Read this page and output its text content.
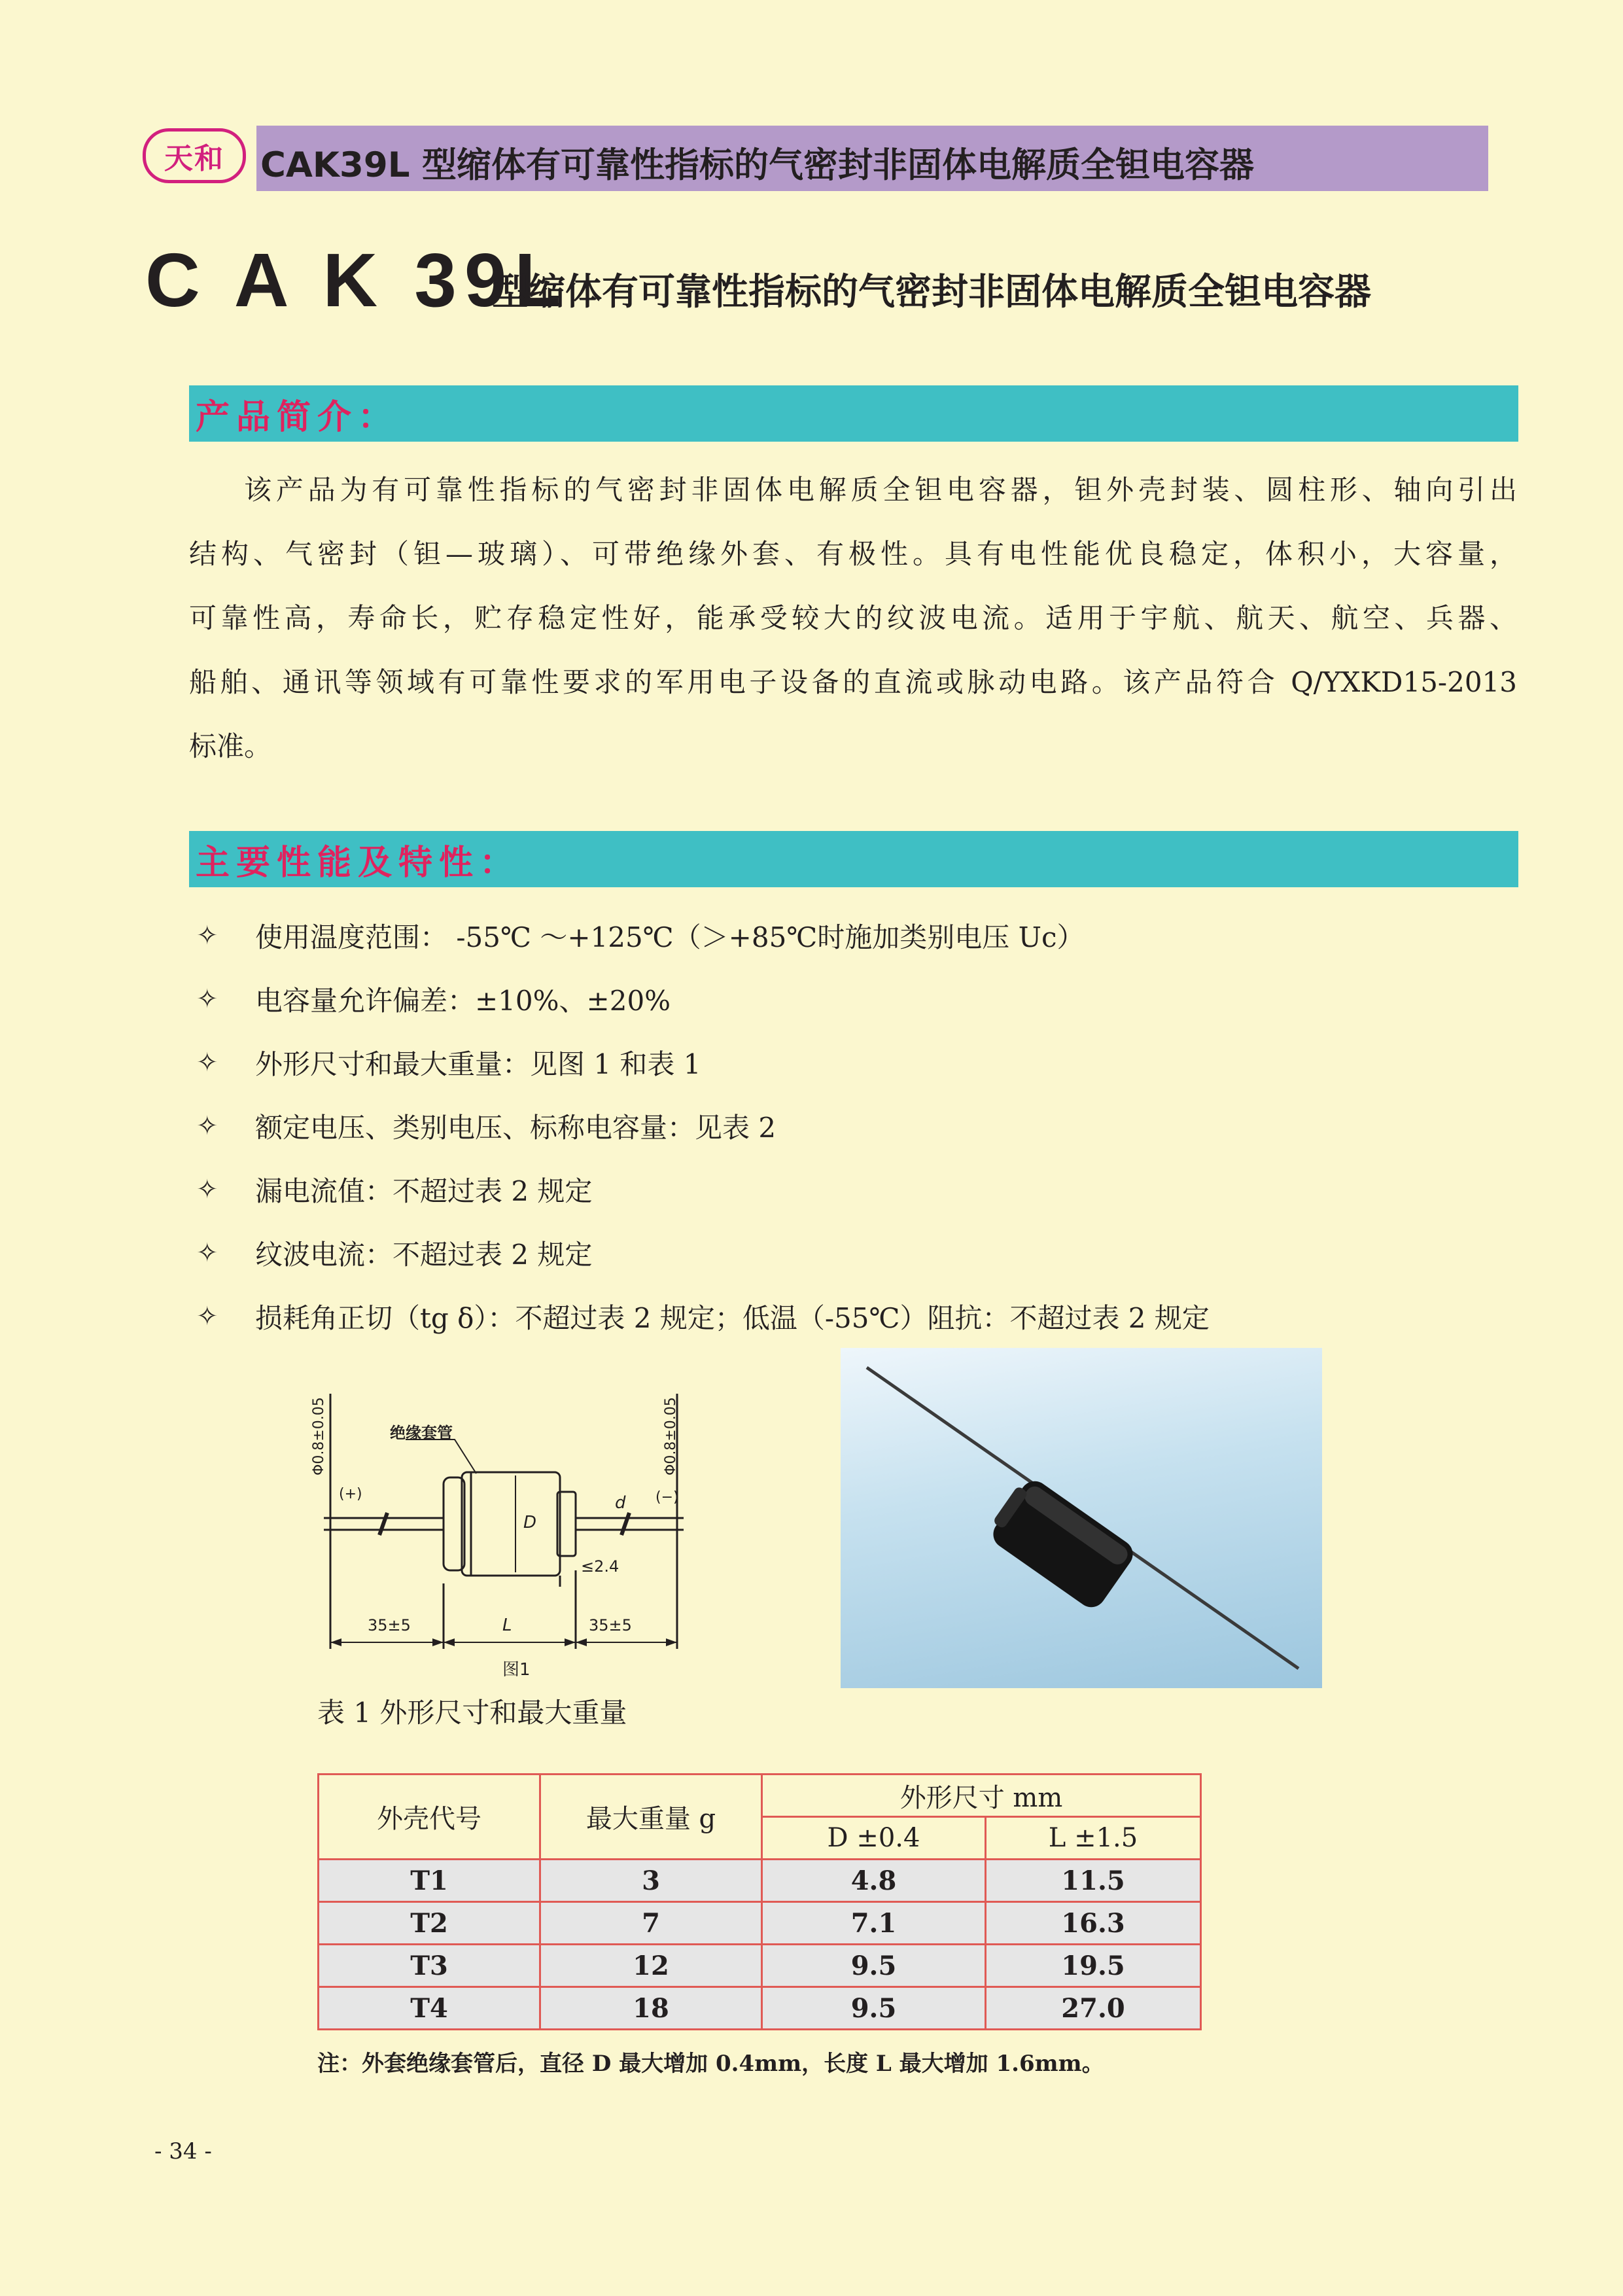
天和 CAK39L 型缩体有可靠性指标的气密封非固体电解质全钽电容器
C A K 39L
型缩体有可靠性指标的气密封非固体电解质全钽电容器
产品简介：
该产品为有可靠性指标的气密封非固体电解质全钽电容器，钽外壳封装、圆柱形、轴向引出
结构、气密封（钽—玻璃）、可带绝缘外套、有极性。具有电性能优良稳定，体积小，大容量，
可靠性高，寿命长，贮存稳定性好，能承受较大的纹波电流。适用于宇航、航天、航空、兵器、
船舶、通讯等领域有可靠性要求的军用电子设备的直流或脉动电路。该产品符合 Q/YXKD15-2013
标准。
主要性能及特性：
✧	使用温度范围： -55℃ ～+125℃（＞+85℃时施加类别电压 Uc）
✧	电容量允许偏差：±10%、±20%
✧	外形尺寸和最大重量：见图 1 和表 1
✧	额定电压、类别电压、标称电容量：见表 2
✧	漏电流值：不超过表 2 规定
✧	纹波电流：不超过表 2 规定
✧	损耗角正切（tg δ）：不超过表 2 规定；低温（-55℃）阻抗：不超过表 2 规定
Φ0.8±0.05	Φ0.8±0.05
绝缘套管
(+)	(−)
D
d
≤2.4
35±5	L	35±5
图1
表 1 外形尺寸和最大重量
外壳代号	最大重量 g	外形尺寸 mm	
		D ±0.4	L ±1.5
T1	3	4.8	11.5
T2	7	7.1	16.3
T3	12	9.5	19.5
T4	18	9.5	27.0
注：外套绝缘套管后，直径 D 最大增加 0.4mm，长度 L 最大增加 1.6mm。
- 34 -
